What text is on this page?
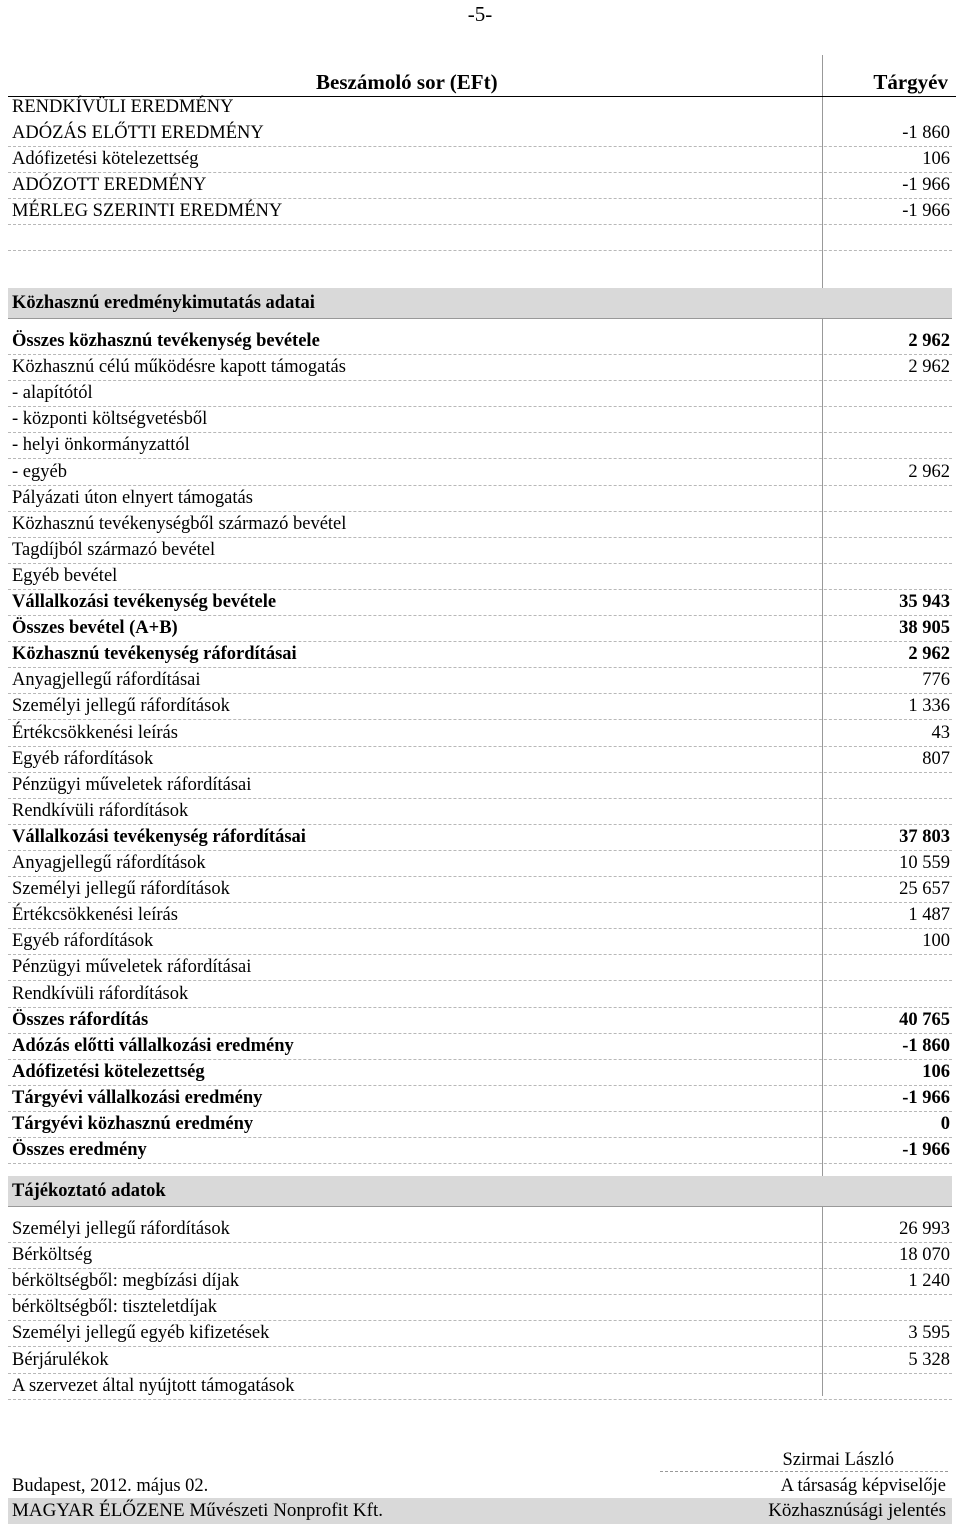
-5-
Beszámoló sor (EFt)	Tárgyév
RENDKÍVÜLI EREDMÉNY
ADÓZÁS ELŐTTI EREDMÉNY	-1 860
Adófizetési kötelezettség	106
ADÓZOTT EREDMÉNY	-1 966
MÉRLEG SZERINTI EREDMÉNY	-1 966
Közhasznú eredménykimutatás adatai
Összes közhasznú tevékenység bevétele	2 962
Közhasznú célú működésre kapott támogatás	2 962
- alapítótól
- központi költségvetésből
- helyi önkormányzattól
- egyéb	2 962
Pályázati úton elnyert támogatás
Közhasznú tevékenységből származó bevétel
Tagdíjból származó bevétel
Egyéb bevétel
Vállalkozási tevékenység bevétele	35 943
Összes bevétel (A+B)	38 905
Közhasznú tevékenység ráfordításai	2 962
Anyagjellegű ráfordításai	776
Személyi jellegű ráfordítások	1 336
Értékcsökkenési leírás	43
Egyéb ráfordítások	807
Pénzügyi műveletek ráfordításai
Rendkívüli ráfordítások
Vállalkozási tevékenység ráfordításai	37 803
Anyagjellegű ráfordítások	10 559
Személyi jellegű ráfordítások	25 657
Értékcsökkenési leírás	1 487
Egyéb ráfordítások	100
Pénzügyi műveletek ráfordításai
Rendkívüli ráfordítások
Összes ráfordítás	40 765
Adózás előtti vállalkozási eredmény	-1 860
Adófizetési kötelezettség	106
Tárgyévi vállalkozási eredmény	-1 966
Tárgyévi közhasznú eredmény	0
Összes eredmény	-1 966
Tájékoztató adatok
Személyi jellegű ráfordítások	26 993
Bérköltség	18 070
bérköltségből: megbízási díjak	1 240
bérköltségből: tiszteletdíjak
Személyi jellegű egyéb kifizetések	3 595
Bérjárulékok	5 328
A szervezet által nyújtott támogatások
Szirmai László
Budapest, 2012. május 02.	A társaság képviselője
MAGYAR ÉLŐZENE Művészeti Nonprofit Kft.	Közhasznúsági jelentés
